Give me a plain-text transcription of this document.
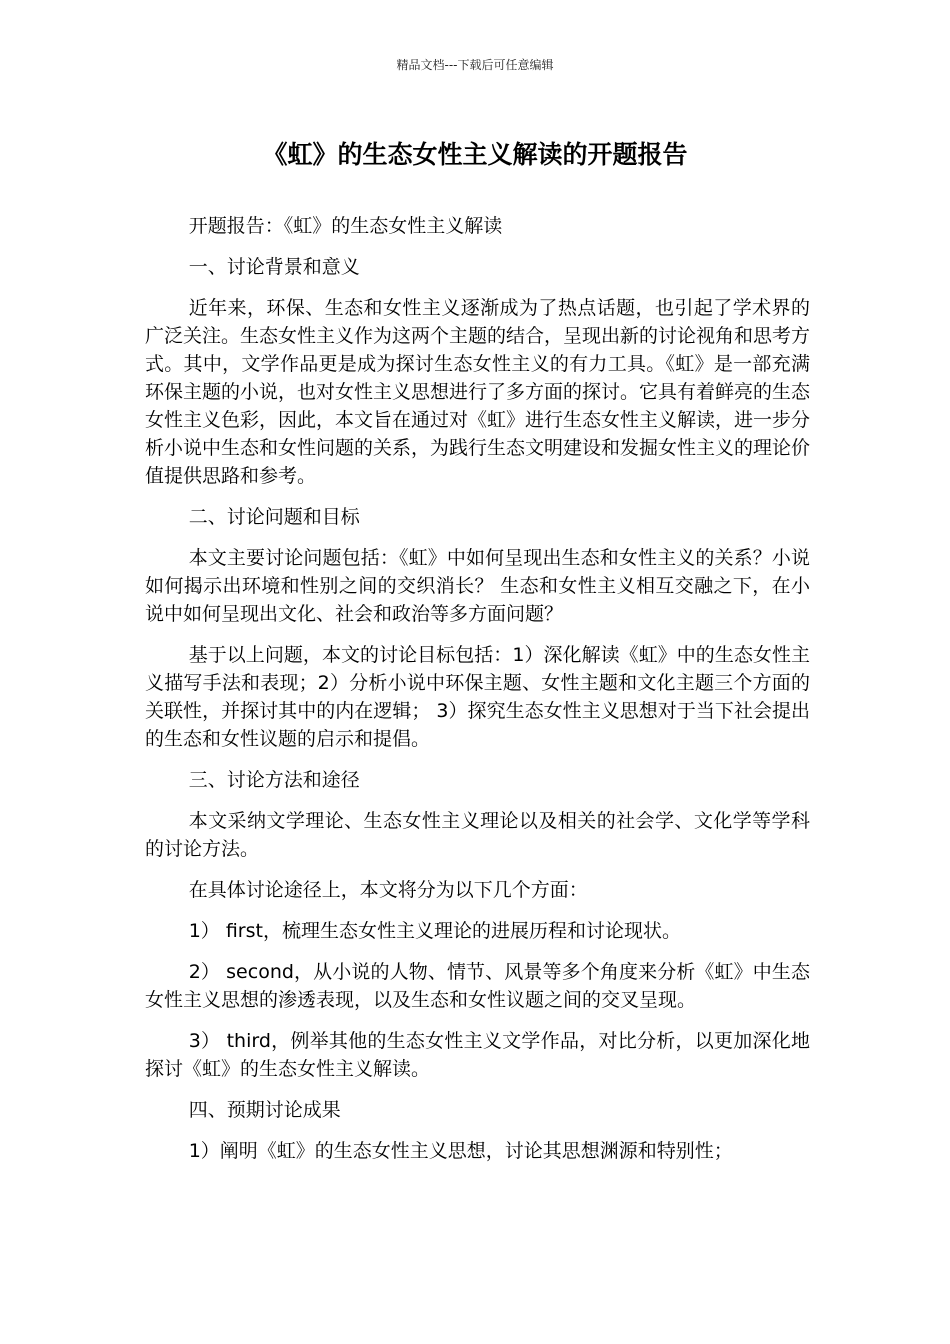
精品文档---下载后可任意编辑
《虹》的生态女性主义解读的开题报告

开题报告：《虹》的生态女性主义解读

一、讨论背景和意义

近年来，环保、生态和女性主义逐渐成为了热点话题，也引起了学术界的广泛关注。生态女性主义作为这两个主题的结合，呈现出新的讨论视角和思考方式。其中，文学作品更是成为探讨生态女性主义的有力工具。《虹》是一部充满环保主题的小说，也对女性主义思想进行了多方面的探讨。它具有着鲜亮的生态女性主义色彩，因此，本文旨在通过对《虹》进行生态女性主义解读，进一步分析小说中生态和女性问题的关系，为践行生态文明建设和发掘女性主义的理论价值提供思路和参考。

二、讨论问题和目标

本文主要讨论问题包括：《虹》中如何呈现出生态和女性主义的关系？小说如何揭示出环境和性别之间的交织消长？ 生态和女性主义相互交融之下，在小说中如何呈现出文化、社会和政治等多方面问题？

基于以上问题，本文的讨论目标包括：1）深化解读《虹》中的生态女性主义描写手法和表现；2）分析小说中环保主题、女性主题和文化主题三个方面的关联性，并探讨其中的内在逻辑； 3）探究生态女性主义思想对于当下社会提出的生态和女性议题的启示和提倡。

三、讨论方法和途径

本文采纳文学理论、生态女性主义理论以及相关的社会学、文化学等学科的讨论方法。

在具体讨论途径上，本文将分为以下几个方面：

1） first，梳理生态女性主义理论的进展历程和讨论现状。

2） second，从小说的人物、情节、风景等多个角度来分析《虹》中生态女性主义思想的渗透表现，以及生态和女性议题之间的交叉呈现。

3） third，例举其他的生态女性主义文学作品，对比分析，以更加深化地探讨《虹》的生态女性主义解读。

四、预期讨论成果

1）阐明《虹》的生态女性主义思想，讨论其思想渊源和特别性；
